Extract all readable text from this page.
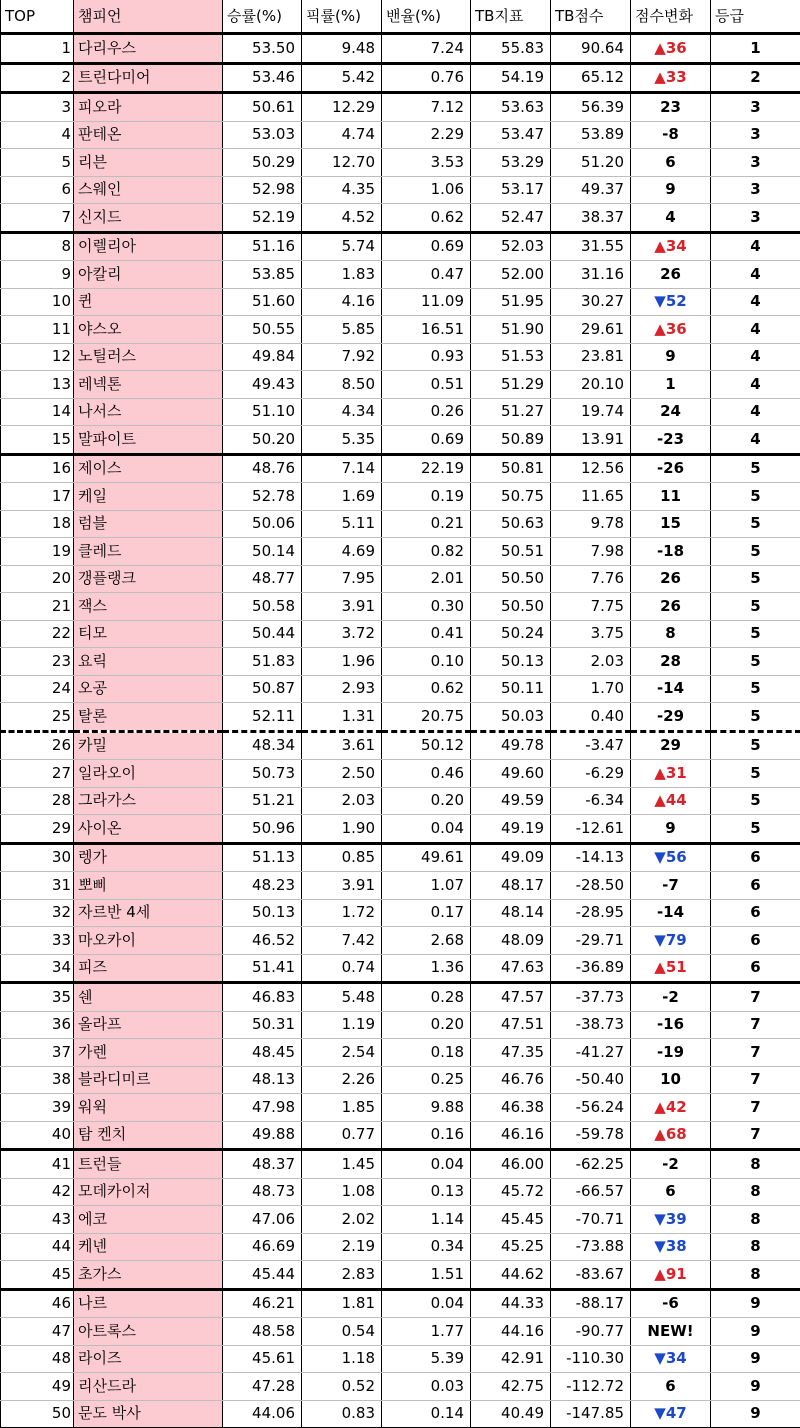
TOP	챔피언	승률(%)	픽률(%)	밴율(%)	TB지표	TB점수	점수변화	등급
1	다리우스	53.50	9.48	7.24	55.83	90.64	▲36	1
2	트린다미어	53.46	5.42	0.76	54.19	65.12	▲33	2
3	피오라	50.61	12.29	7.12	53.63	56.39	23	3
4	판테온	53.03	4.74	2.29	53.47	53.89	-8	3
5	리븐	50.29	12.70	3.53	53.29	51.20	6	3
6	스웨인	52.98	4.35	1.06	53.17	49.37	9	3
7	신지드	52.19	4.52	0.62	52.47	38.37	4	3
8	이렐리아	51.16	5.74	0.69	52.03	31.55	▲34	4
9	아칼리	53.85	1.83	0.47	52.00	31.16	26	4
10	퀸	51.60	4.16	11.09	51.95	30.27	▼52	4
11	야스오	50.55	5.85	16.51	51.90	29.61	▲36	4
12	노틸러스	49.84	7.92	0.93	51.53	23.81	9	4
13	레넥톤	49.43	8.50	0.51	51.29	20.10	1	4
14	나서스	51.10	4.34	0.26	51.27	19.74	24	4
15	말파이트	50.20	5.35	0.69	50.89	13.91	-23	4
16	제이스	48.76	7.14	22.19	50.81	12.56	-26	5
17	케일	52.78	1.69	0.19	50.75	11.65	11	5
18	럼블	50.06	5.11	0.21	50.63	9.78	15	5
19	클레드	50.14	4.69	0.82	50.51	7.98	-18	5
20	갱플랭크	48.77	7.95	2.01	50.50	7.76	26	5
21	잭스	50.58	3.91	0.30	50.50	7.75	26	5
22	티모	50.44	3.72	0.41	50.24	3.75	8	5
23	요릭	51.83	1.96	0.10	50.13	2.03	28	5
24	오공	50.87	2.93	0.62	50.11	1.70	-14	5
25	탈론	52.11	1.31	20.75	50.03	0.40	-29	5
26	카밀	48.34	3.61	50.12	49.78	-3.47	29	5
27	일라오이	50.73	2.50	0.46	49.60	-6.29	▲31	5
28	그라가스	51.21	2.03	0.20	49.59	-6.34	▲44	5
29	사이온	50.96	1.90	0.04	49.19	-12.61	9	5
30	렝가	51.13	0.85	49.61	49.09	-14.13	▼56	6
31	뽀삐	48.23	3.91	1.07	48.17	-28.50	-7	6
32	자르반 4세	50.13	1.72	0.17	48.14	-28.95	-14	6
33	마오카이	46.52	7.42	2.68	48.09	-29.71	▼79	6
34	피즈	51.41	0.74	1.36	47.63	-36.89	▲51	6
35	쉔	46.83	5.48	0.28	47.57	-37.73	-2	7
36	올라프	50.31	1.19	0.20	47.51	-38.73	-16	7
37	가렌	48.45	2.54	0.18	47.35	-41.27	-19	7
38	블라디미르	48.13	2.26	0.25	46.76	-50.40	10	7
39	워윅	47.98	1.85	9.88	46.38	-56.24	▲42	7
40	탐 켄치	49.88	0.77	0.16	46.16	-59.78	▲68	7
41	트런들	48.37	1.45	0.04	46.00	-62.25	-2	8
42	모데카이저	48.73	1.08	0.13	45.72	-66.57	6	8
43	에코	47.06	2.02	1.14	45.45	-70.71	▼39	8
44	케넨	46.69	2.19	0.34	45.25	-73.88	▼38	8
45	초가스	45.44	2.83	1.51	44.62	-83.67	▲91	8
46	나르	46.21	1.81	0.04	44.33	-88.17	-6	9
47	아트록스	48.58	0.54	1.77	44.16	-90.77	NEW!	9
48	라이즈	45.61	1.18	5.39	42.91	-110.30	▼34	9
49	리산드라	47.28	0.52	0.03	42.75	-112.72	6	9
50	문도 박사	44.06	0.83	0.14	40.49	-147.85	▼47	9
